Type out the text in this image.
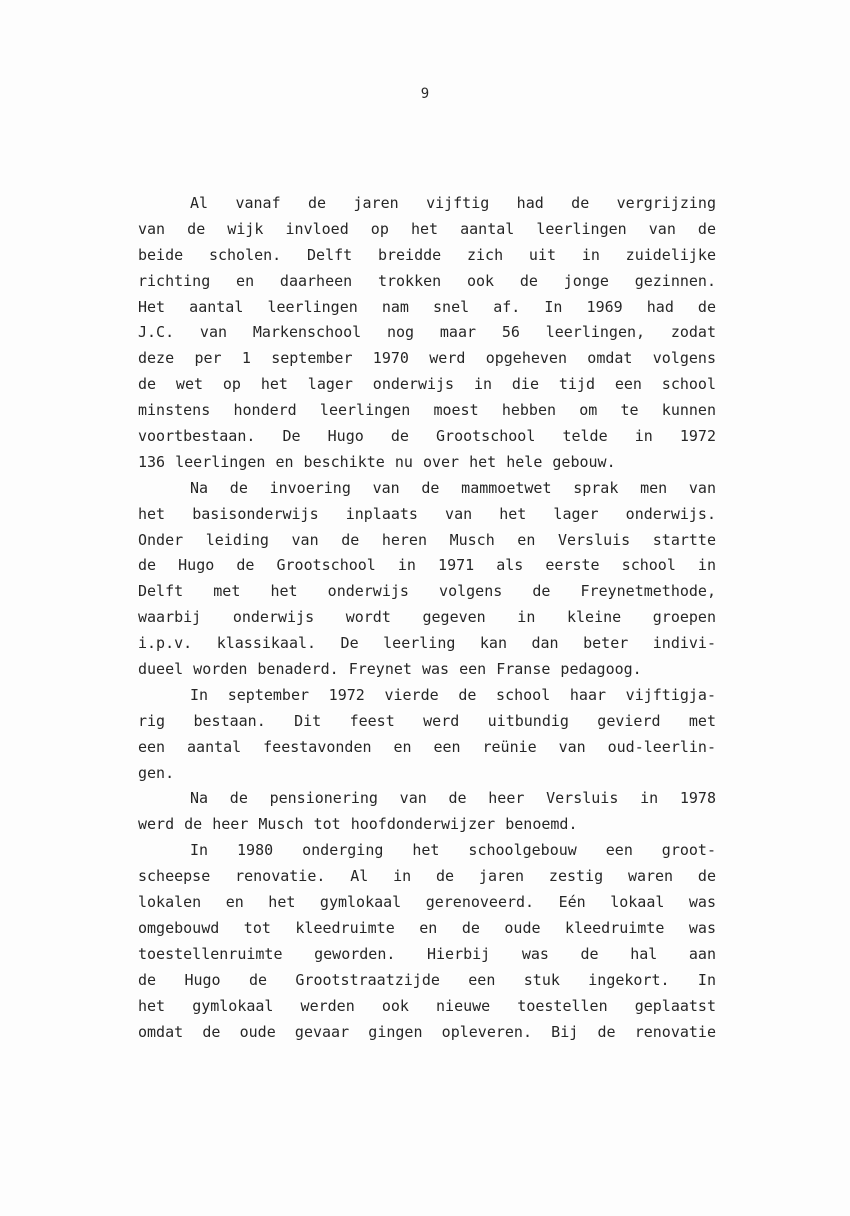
9
Al vanaf de jaren vijftig had de vergrijzing
van de wijk invloed op het aantal leerlingen van de
beide scholen. Delft breidde zich uit in zuidelijke
richting en daarheen trokken ook de jonge gezinnen.
Het aantal leerlingen nam snel af. In 1969 had de
J.C. van Markenschool nog maar 56 leerlingen, zodat
deze per 1 september 1970 werd opgeheven omdat volgens
de wet op het lager onderwijs in die tijd een school
minstens honderd leerlingen moest hebben om te kunnen
voortbestaan. De Hugo de Grootschool telde in 1972
136 leerlingen en beschikte nu over het hele gebouw.
Na de invoering van de mammoetwet sprak men van
het basisonderwijs inplaats van het lager onderwijs.
Onder leiding van de heren Musch en Versluis startte
de Hugo de Grootschool in 1971 als eerste school in
Delft met het onderwijs volgens de Freynetmethode,
waarbij onderwijs wordt gegeven in kleine groepen
i.p.v. klassikaal. De leerling kan dan beter indivi-
dueel worden benaderd. Freynet was een Franse pedagoog.
In september 1972 vierde de school haar vijftigja-
rig bestaan. Dit feest werd uitbundig gevierd met
een aantal feestavonden en een reünie van oud-leerlin-
gen.
Na de pensionering van de heer Versluis in 1978
werd de heer Musch tot hoofdonderwijzer benoemd.
In 1980 onderging het schoolgebouw een groot-
scheepse renovatie. Al in de jaren zestig waren de
lokalen en het gymlokaal gerenoveerd. Eén lokaal was
omgebouwd tot kleedruimte en de oude kleedruimte was
toestellenruimte geworden. Hierbij was de hal aan
de Hugo de Grootstraatzijde een stuk ingekort. In
het gymlokaal werden ook nieuwe toestellen geplaatst
omdat de oude gevaar gingen opleveren. Bij de renovatie
